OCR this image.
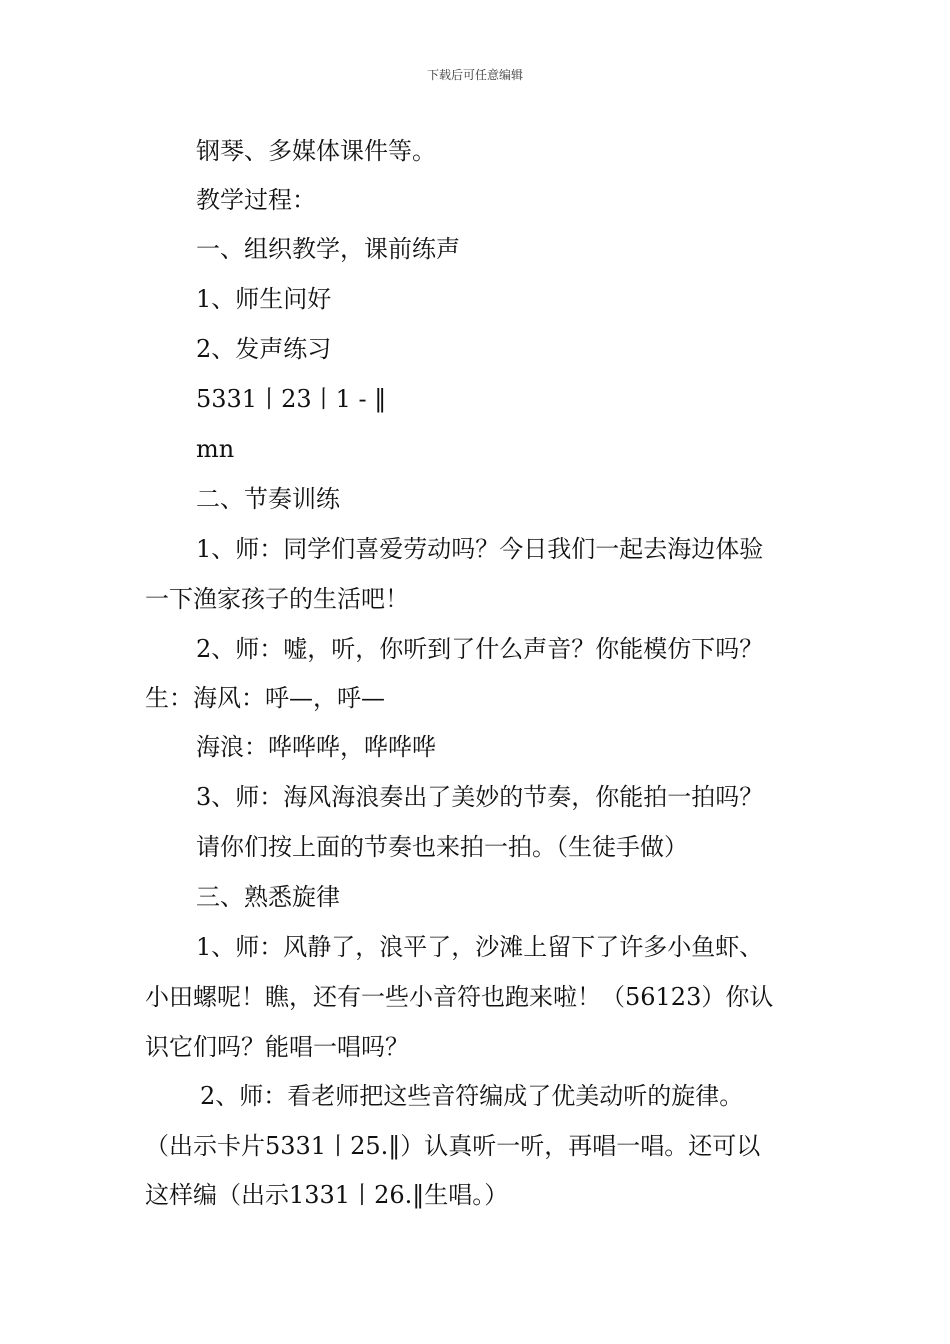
下载后可任意编辑
钢琴、多媒体课件等。
教学过程：
一、组织教学，课前练声
1、师生问好
2、发声练习
5331丨23丨1 - ‖
mn
二、节奏训练
1、师：同学们喜爱劳动吗？今日我们一起去海边体验
一下渔家孩子的生活吧！
2、师：嘘，听，你听到了什么声音？你能模仿下吗？
生：海风：呼—，呼—
海浪：哗哗哗，哗哗哗
3、师：海风海浪奏出了美妙的节奏，你能拍一拍吗？
请你们按上面的节奏也来拍一拍。（生徒手做）
三、熟悉旋律
1、师：风静了，浪平了，沙滩上留下了许多小鱼虾、
小田螺呢！瞧，还有一些小音符也跑来啦！（56123）你认
识它们吗？能唱一唱吗？
2、师：看老师把这些音符编成了优美动听的旋律。
（出示卡片5331丨25.‖）认真听一听，再唱一唱。还可以
这样编（出示1331丨26.‖生唱。）
